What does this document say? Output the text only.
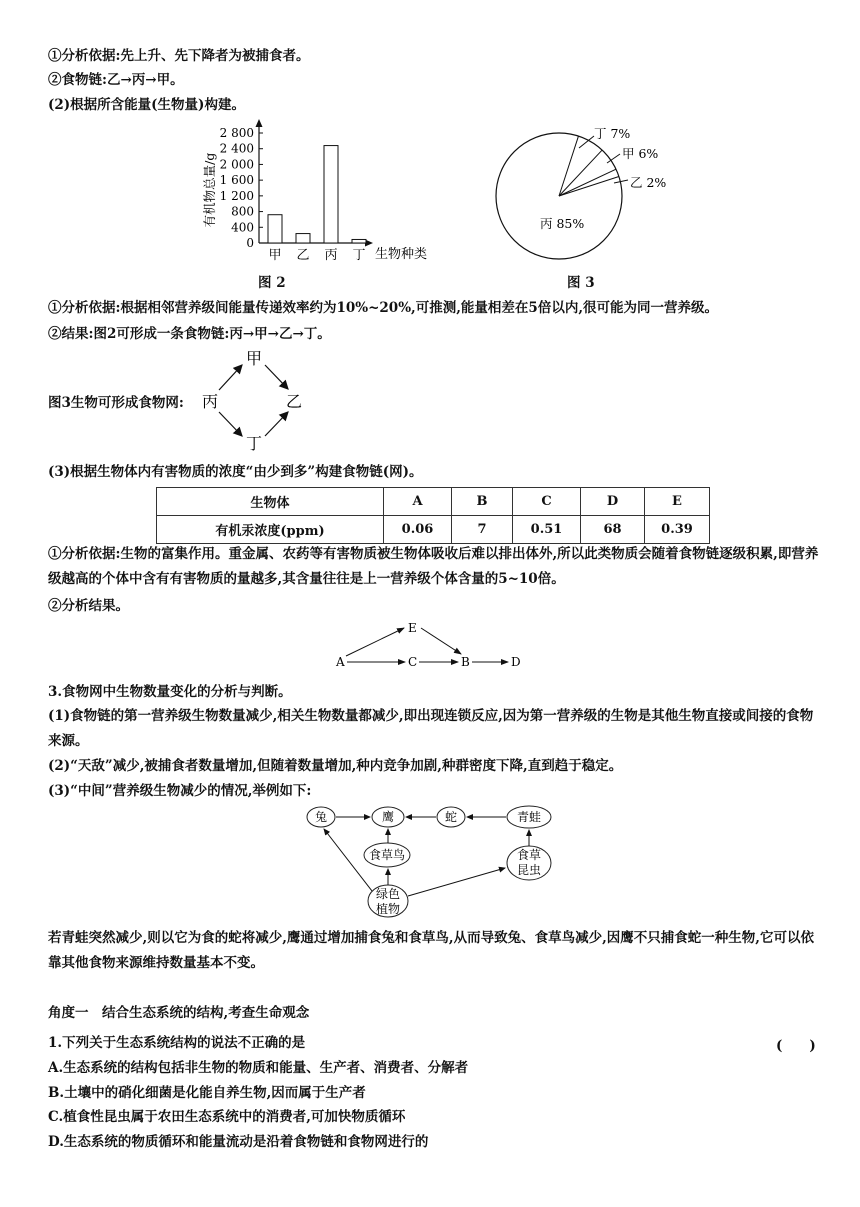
①分析依据:先上升、先下降者为被捕食者。
②食物链:乙→丙→甲。
(2)根据所含能量(生物量)构建。
有机物总量/g
0
400
800
1 200
1 600
2 000
2 400
2 800
甲 乙 丙 丁 生物种类
图 2
丁 7%
甲 6%
乙 2%
丙 85%
图 3
①分析依据:根据相邻营养级间能量传递效率约为10%~20%,可推测,能量相差在5倍以内,很可能为同一营养级。
②结果:图2可形成一条食物链:丙→甲→乙→丁。
图3生物可形成食物网:
甲
丙	乙
丁
(3)根据生物体内有害物质的浓度“由少到多”构建食物链(网)。
生物体	A	B	C	D	E
有机汞浓度(ppm)	0.06	7	0.51	68	0.39
①分析依据:生物的富集作用。重金属、农药等有害物质被生物体吸收后难以排出体外,所以此类物质会随着食物链逐级积累,即营养级越高的个体中含有有害物质的量越多,其含量往往是上一营养级个体含量的5~10倍。
②分析结果。
E
A	C	B	D
3.食物网中生物数量变化的分析与判断。
(1)食物链的第一营养级生物数量减少,相关生物数量都减少,即出现连锁反应,因为第一营养级的生物是其他生物直接或间接的食物来源。
(2)“天敌”减少,被捕食者数量增加,但随着数量增加,种内竞争加剧,种群密度下降,直到趋于稳定。
(3)“中间”营养级生物减少的情况,举例如下:
兔	鹰	蛇	青蛙
食草鸟	食草
昆虫
绿色
植物
若青蛙突然减少,则以它为食的蛇将减少,鹰通过增加捕食兔和食草鸟,从而导致兔、食草鸟减少,因鹰不只捕食蛇一种生物,它可以依靠其他食物来源维持数量基本不变。
角度一　结合生态系统的结构,考查生命观念
1.下列关于生态系统结构的说法不正确的是	(　　)
A.生态系统的结构包括非生物的物质和能量、生产者、消费者、分解者
B.土壤中的硝化细菌是化能自养生物,因而属于生产者
C.植食性昆虫属于农田生态系统中的消费者,可加快物质循环
D.生态系统的物质循环和能量流动是沿着食物链和食物网进行的
